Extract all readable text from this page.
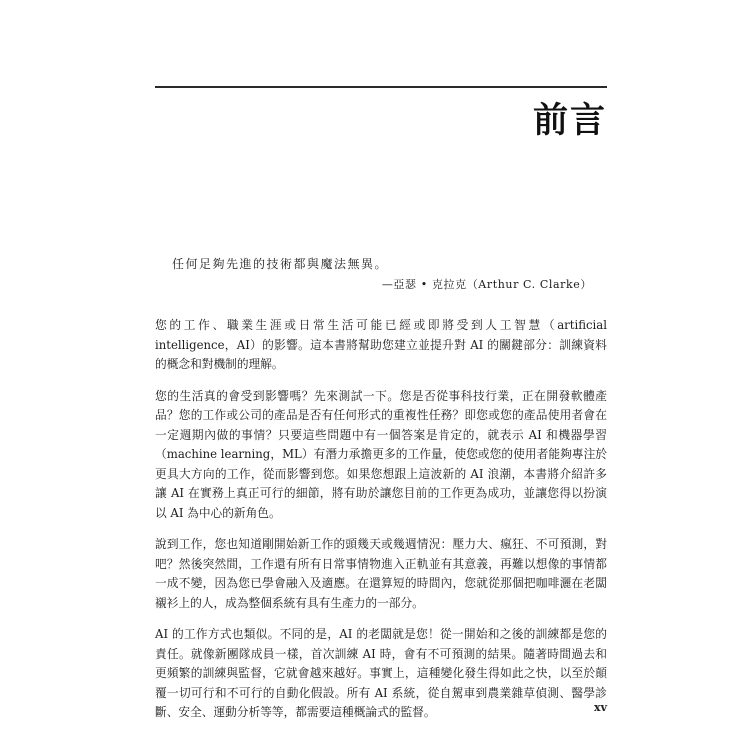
前言

任何足夠先進的技術都與魔法無異。

—亞瑟 • 克拉克（Arthur C. Clarke）

您的工作、職業生涯或日常生活可能已經或即將受到人工智慧（artificial intelligence，AI）的影響。這本書將幫助您建立並提升對 AI 的關鍵部分：訓練資料的概念和對機制的理解。

您的生活真的會受到影響嗎？先來測試一下。您是否從事科技行業，正在開發軟體產品？您的工作或公司的產品是否有任何形式的重複性任務？即您或您的產品使用者會在一定週期內做的事情？只要這些問題中有一個答案是肯定的，就表示 AI 和機器學習（machine learning，ML）有潛力承擔更多的工作量，使您或您的使用者能夠專注於更具大方向的工作，從而影響到您。如果您想跟上這波新的 AI 浪潮，本書將介紹許多讓 AI 在實務上真正可行的細節，將有助於讓您目前的工作更為成功，並讓您得以扮演以 AI 為中心的新角色。

說到工作，您也知道剛開始新工作的頭幾天或幾週情況：壓力大、瘋狂、不可預測，對吧？然後突然間，工作還有所有日常事情物進入正軌並有其意義，再難以想像的事情都一成不變，因為您已學會融入及適應。在還算短的時間內，您就從那個把咖啡灑在老闆襯衫上的人，成為整個系統有具有生產力的一部分。

AI 的工作方式也類似。不同的是，AI 的老闆就是您！從一開始和之後的訓練都是您的責任。就像新團隊成員一樣，首次訓練 AI 時，會有不可預測的結果。隨著時間過去和更頻繁的訓練與監督，它就會越來越好。事實上，這種變化發生得如此之快，以至於顛覆一切可行和不可行的自動化假設。所有 AI 系統，從自駕車到農業雜草偵測、醫學診斷、安全、運動分析等等，都需要這種概論式的監督。	xv
